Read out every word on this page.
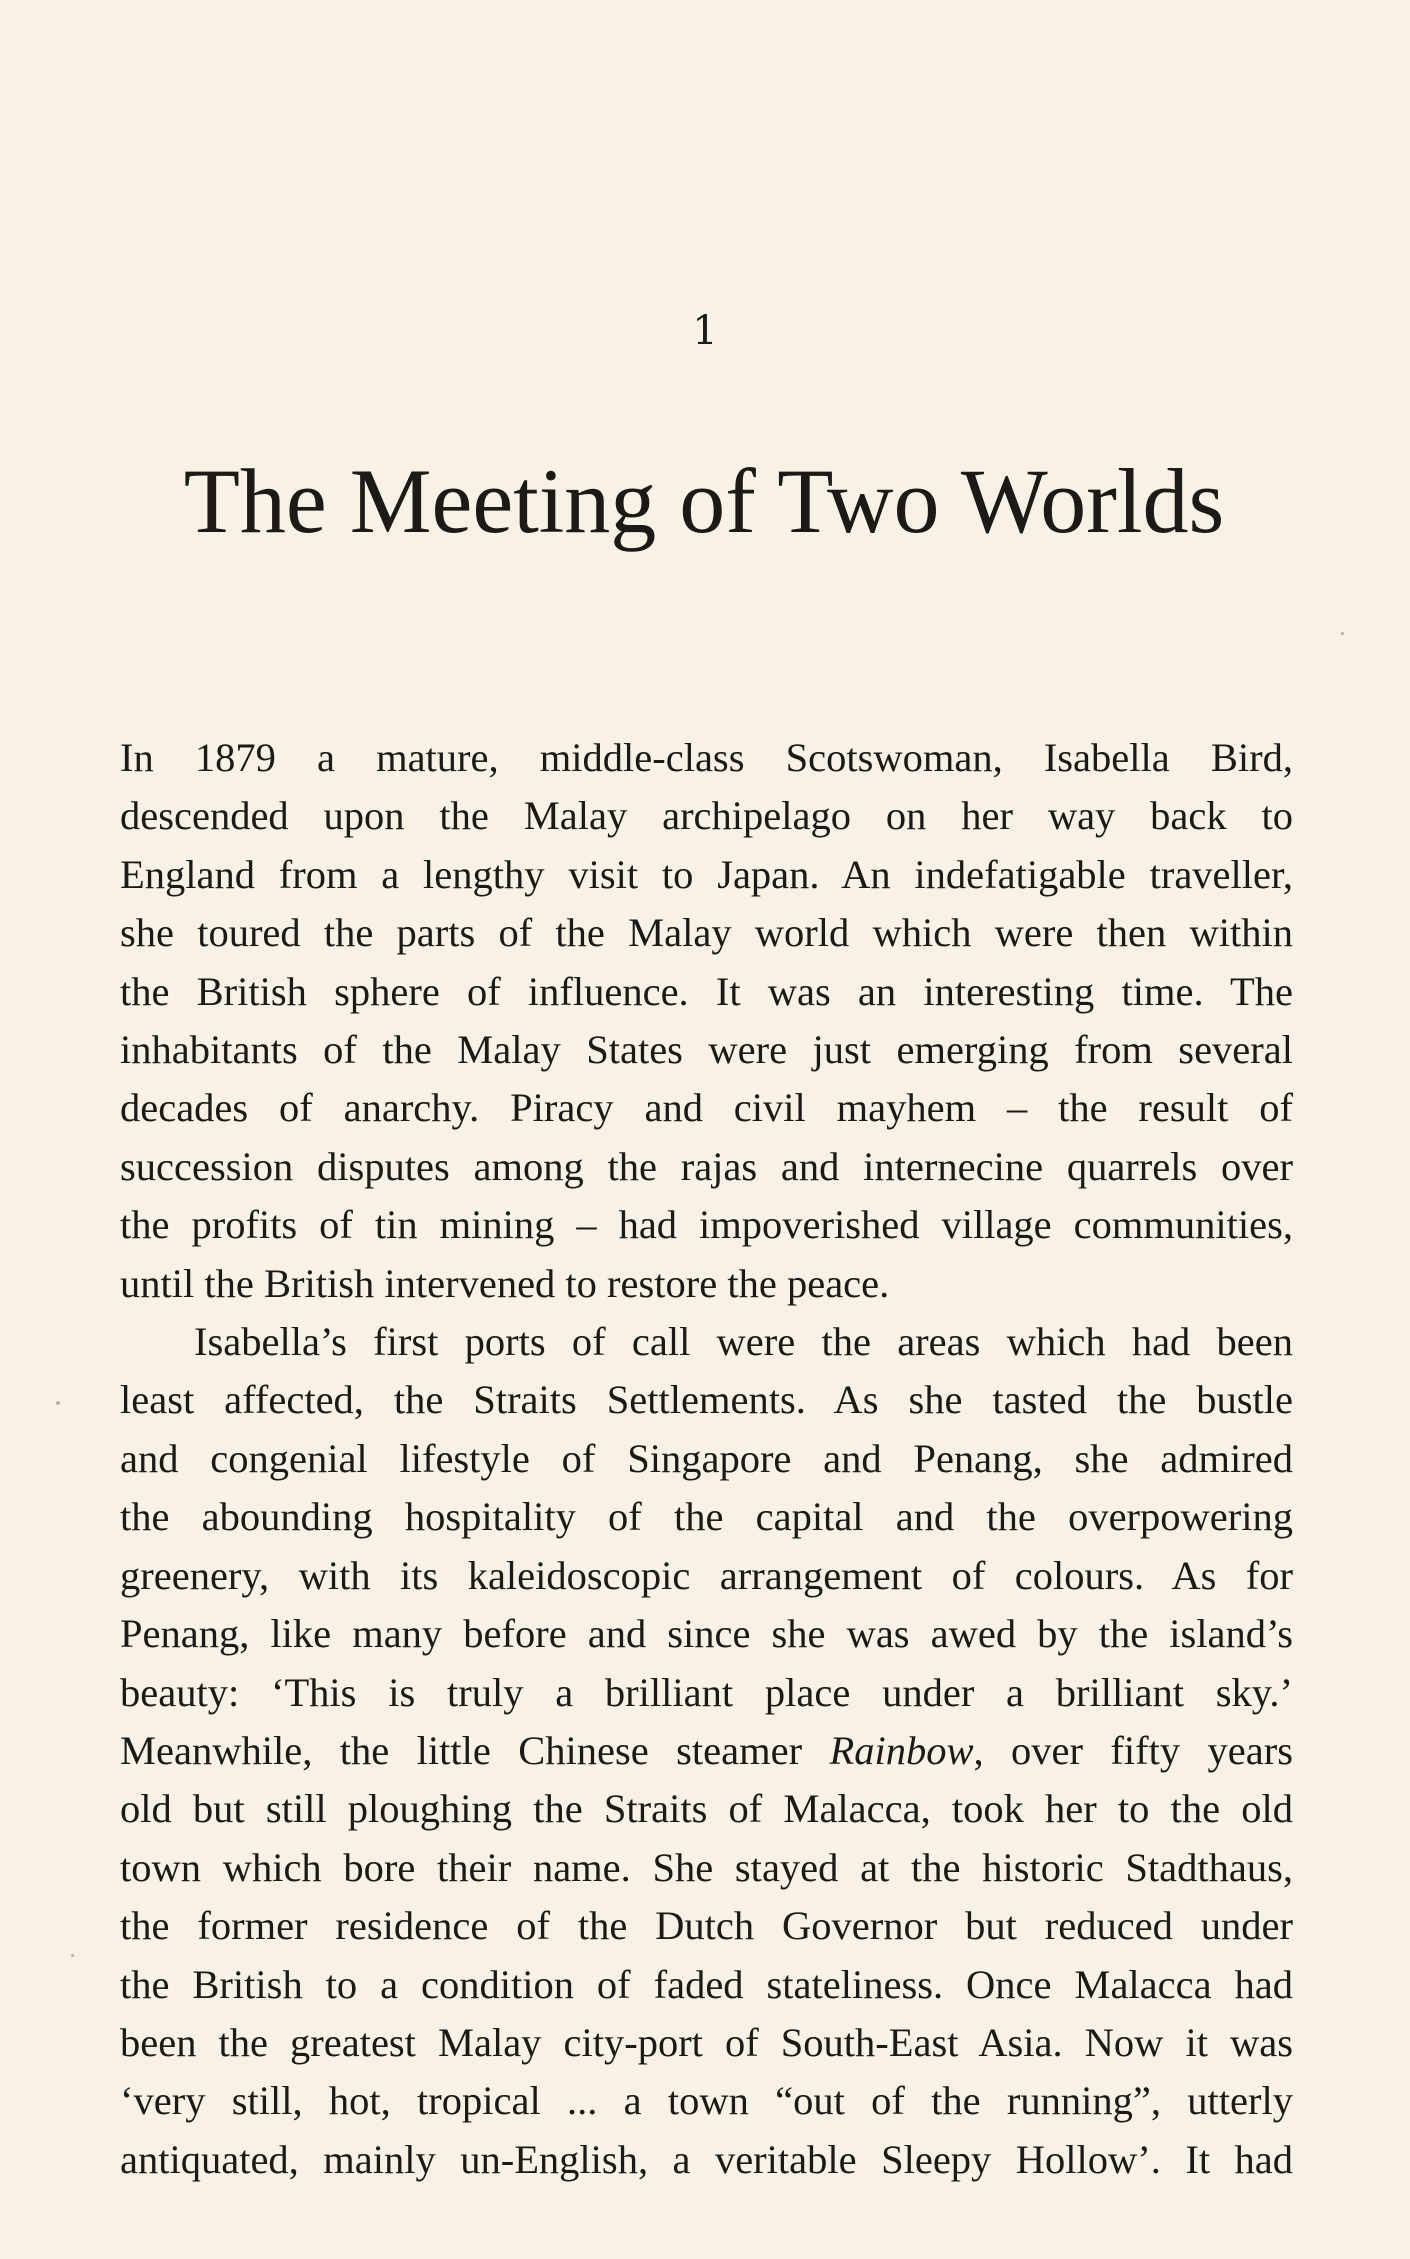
1
The Meeting of Two Worlds
In 1879 a mature, middle-class Scotswoman, Isabella Bird,
descended upon the Malay archipelago on her way back to
England from a lengthy visit to Japan. An indefatigable traveller,
she toured the parts of the Malay world which were then within
the British sphere of influence. It was an interesting time. The
inhabitants of the Malay States were just emerging from several
decades of anarchy. Piracy and civil mayhem – the result of
succession disputes among the rajas and internecine quarrels over
the profits of tin mining – had impoverished village communities,
until the British intervened to restore the peace.
Isabella’s first ports of call were the areas which had been
least affected, the Straits Settlements. As she tasted the bustle
and congenial lifestyle of Singapore and Penang, she admired
the abounding hospitality of the capital and the overpowering
greenery, with its kaleidoscopic arrangement of colours. As for
Penang, like many before and since she was awed by the island’s
beauty: ‘This is truly a brilliant place under a brilliant sky.’
Meanwhile, the little Chinese steamer Rainbow, over fifty years
old but still ploughing the Straits of Malacca, took her to the old
town which bore their name. She stayed at the historic Stadthaus,
the former residence of the Dutch Governor but reduced under
the British to a condition of faded stateliness. Once Malacca had
been the greatest Malay city-port of South-East Asia. Now it was
‘very still, hot, tropical ... a town “out of the running”, utterly
antiquated, mainly un-English, a veritable Sleepy Hollow’. It had
